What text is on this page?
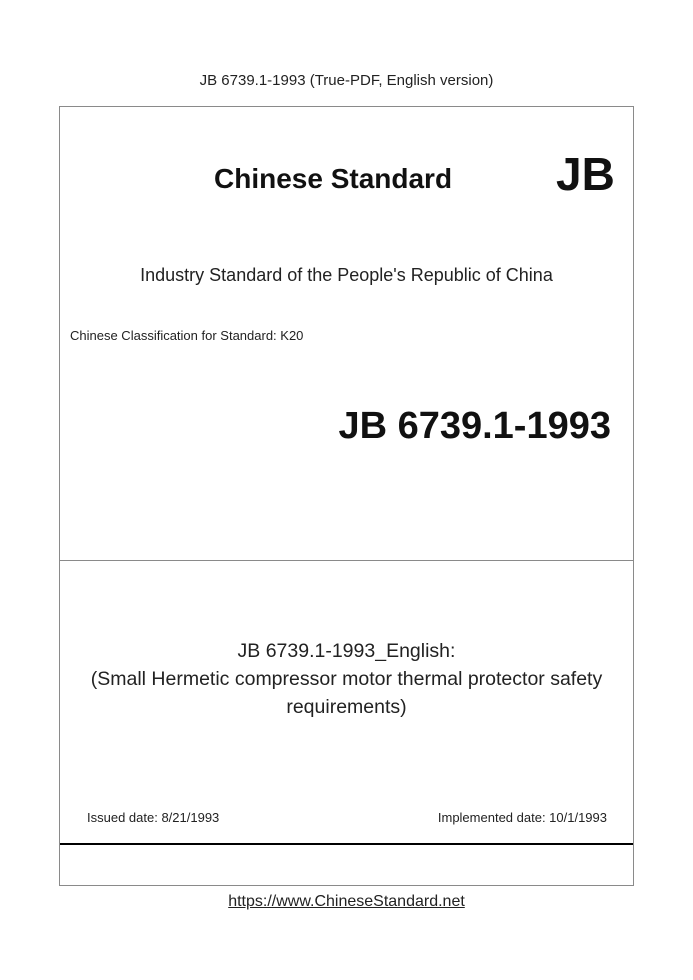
JB 6739.1-1993 (True-PDF, English version)
Chinese Standard JB
Industry Standard of the People's Republic of China
Chinese Classification for Standard: K20
JB 6739.1-1993
JB 6739.1-1993_English:
(Small Hermetic compressor motor thermal protector safety
requirements)
Issued date: 8/21/1993	Implemented date: 10/1/1993
https://www.ChineseStandard.net
